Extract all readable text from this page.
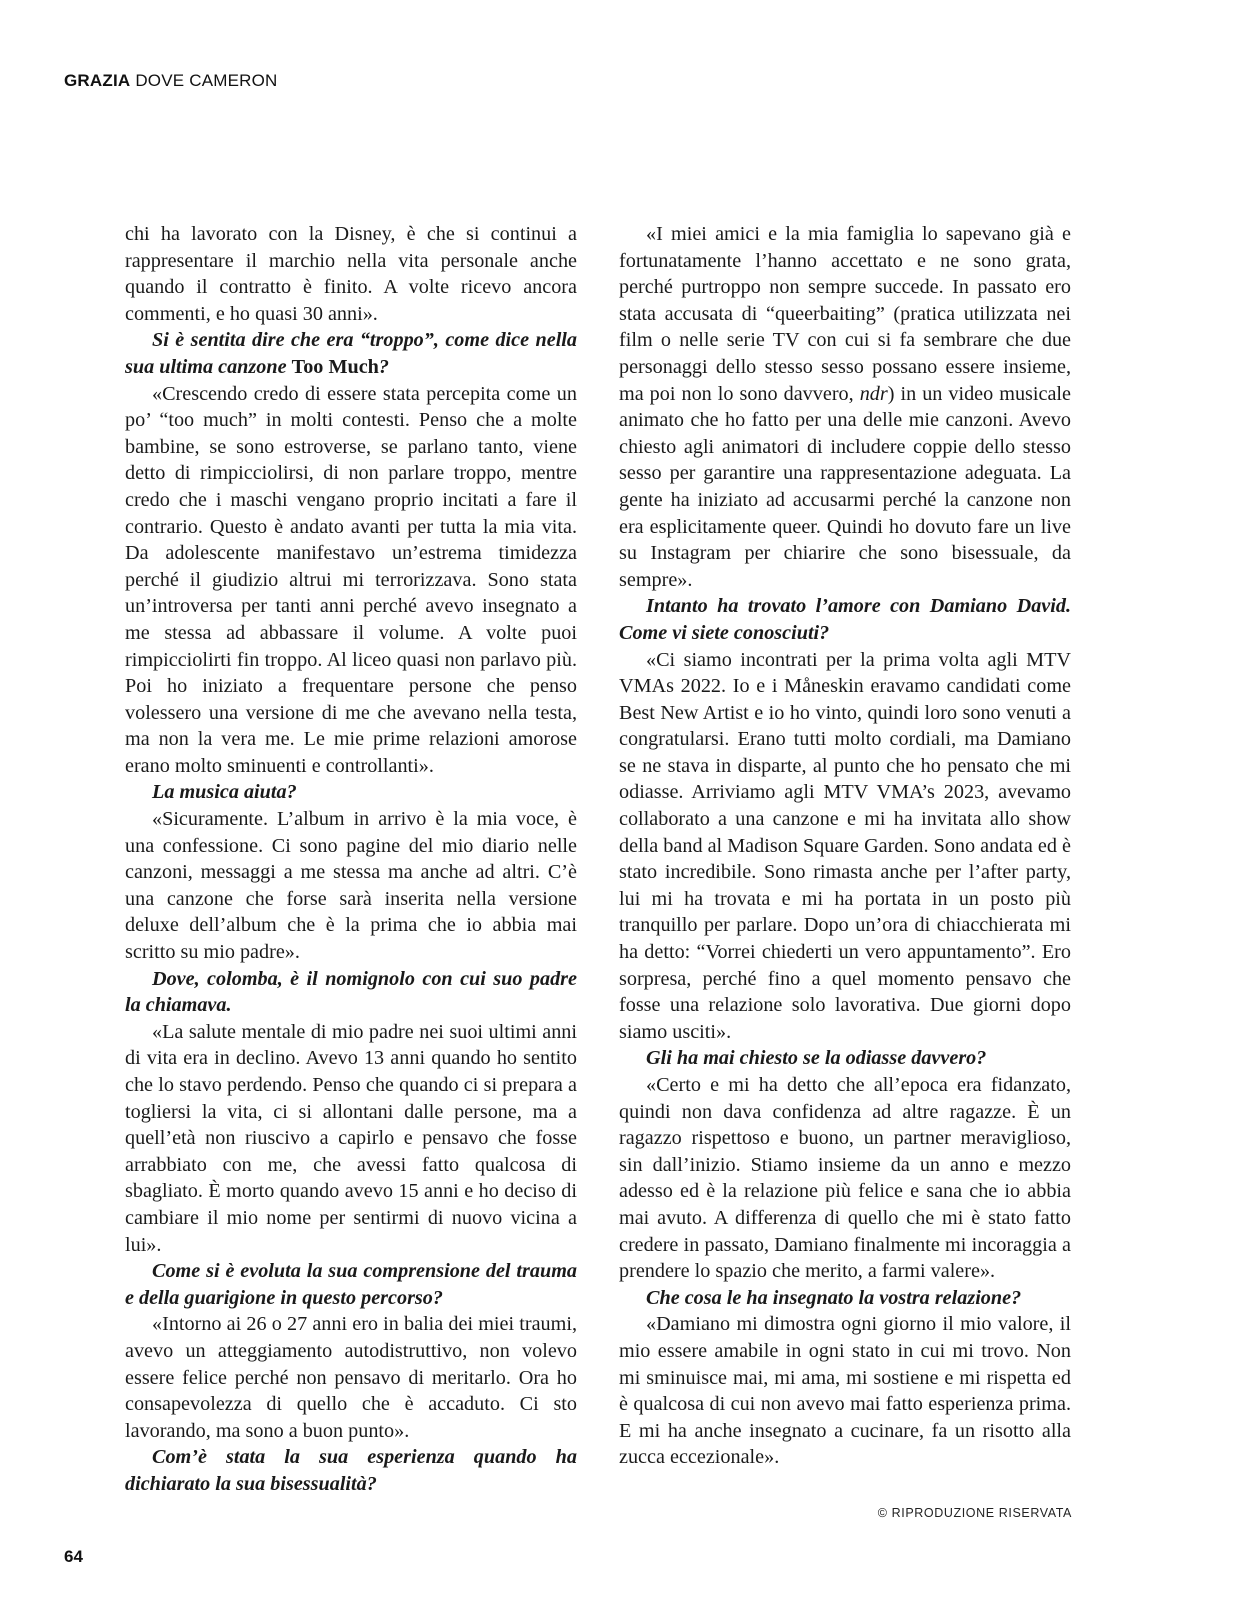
GRAZIA DOVE CAMERON

chi ha lavorato con la Disney, è che si continui a rappresentare il marchio nella vita personale anche quando il contratto è finito. A volte ricevo ancora commenti, e ho quasi 30 anni».

Si è sentita dire che era “troppo”, come dice nella sua ultima canzone Too Much?

«Crescendo credo di essere stata percepita come un po’ “too much” in molti contesti. Penso che a molte bambine, se sono estroverse, se parlano tanto, viene detto di rimpicciolirsi, di non parlare troppo, mentre credo che i maschi vengano proprio incitati a fare il contrario. Questo è andato avanti per tutta la mia vita. Da adolescente manifestavo un’estrema timidezza perché il giudizio altrui mi terrorizzava. Sono stata un’introversa per tanti anni perché avevo insegnato a me stessa ad abbassare il volume. A volte puoi rimpicciolirti fin troppo. Al liceo quasi non parlavo più. Poi ho iniziato a frequentare persone che penso volessero una versione di me che avevano nella testa, ma non la vera me. Le mie prime relazioni amorose erano molto sminuenti e controllanti».

La musica aiuta?

«Sicuramente. L’album in arrivo è la mia voce, è una confessione. Ci sono pagine del mio diario nelle canzoni, messaggi a me stessa ma anche ad altri. C’è una canzone che forse sarà inserita nella versione deluxe dell’album che è la prima che io abbia mai scritto su mio padre».

Dove, colomba, è il nomignolo con cui suo padre la chiamava.

«La salute mentale di mio padre nei suoi ultimi anni di vita era in declino. Avevo 13 anni quando ho sentito che lo stavo perdendo. Penso che quando ci si prepara a togliersi la vita, ci si allontani dalle persone, ma a quell’età non riuscivo a capirlo e pensavo che fosse arrabbiato con me, che avessi fatto qualcosa di sbagliato. È morto quando avevo 15 anni e ho deciso di cambiare il mio nome per sentirmi di nuovo vicina a lui».

Come si è evoluta la sua comprensione del trauma e della guarigione in questo percorso?

«Intorno ai 26 o 27 anni ero in balia dei miei traumi, avevo un atteggiamento autodistruttivo, non volevo essere felice perché non pensavo di meritarlo. Ora ho consapevolezza di quello che è accaduto. Ci sto lavorando, ma sono a buon punto».

Com’è stata la sua esperienza quando ha dichiarato la sua bisessualità?

«I miei amici e la mia famiglia lo sapevano già e fortunatamente l’hanno accettato e ne sono grata, perché purtroppo non sempre succede. In passato ero stata accusata di “queerbaiting” (pratica utilizzata nei film o nelle serie TV con cui si fa sembrare che due personaggi dello stesso sesso possano essere insieme, ma poi non lo sono davvero, ndr) in un video musicale animato che ho fatto per una delle mie canzoni. Avevo chiesto agli animatori di includere coppie dello stesso sesso per garantire una rappresentazione adeguata. La gente ha iniziato ad accusarmi perché la canzone non era esplicitamente queer. Quindi ho dovuto fare un live su Instagram per chiarire che sono bisessuale, da sempre».

Intanto ha trovato l’amore con Damiano David. Come vi siete conosciuti?

«Ci siamo incontrati per la prima volta agli MTV VMAs 2022. Io e i Måneskin eravamo candidati come Best New Artist e io ho vinto, quindi loro sono venuti a congratularsi. Erano tutti molto cordiali, ma Damiano se ne stava in disparte, al punto che ho pensato che mi odiasse. Arriviamo agli MTV VMA’s 2023, avevamo collaborato a una canzone e mi ha invitata allo show della band al Madison Square Garden. Sono andata ed è stato incredibile. Sono rimasta anche per l’after party, lui mi ha trovata e mi ha portata in un posto più tranquillo per parlare. Dopo un’ora di chiacchierata mi ha detto: “Vorrei chiederti un vero appuntamento”. Ero sorpresa, perché fino a quel momento pensavo che fosse una relazione solo lavorativa. Due giorni dopo siamo usciti».

Gli ha mai chiesto se la odiasse davvero?

«Certo e mi ha detto che all’epoca era fidanzato, quindi non dava confidenza ad altre ragazze. È un ragazzo rispettoso e buono, un partner meraviglioso, sin dall’inizio. Stiamo insieme da un anno e mezzo adesso ed è la relazione più felice e sana che io abbia mai avuto. A differenza di quello che mi è stato fatto credere in passato, Damiano finalmente mi incoraggia a prendere lo spazio che merito, a farmi valere».

Che cosa le ha insegnato la vostra relazione?

«Damiano mi dimostra ogni giorno il mio valore, il mio essere amabile in ogni stato in cui mi trovo. Non mi sminuisce mai, mi ama, mi sostiene e mi rispetta ed è qualcosa di cui non avevo mai fatto esperienza prima. E mi ha anche insegnato a cucinare, fa un risotto alla zucca eccezionale».

© RIPRODUZIONE RISERVATA
64
